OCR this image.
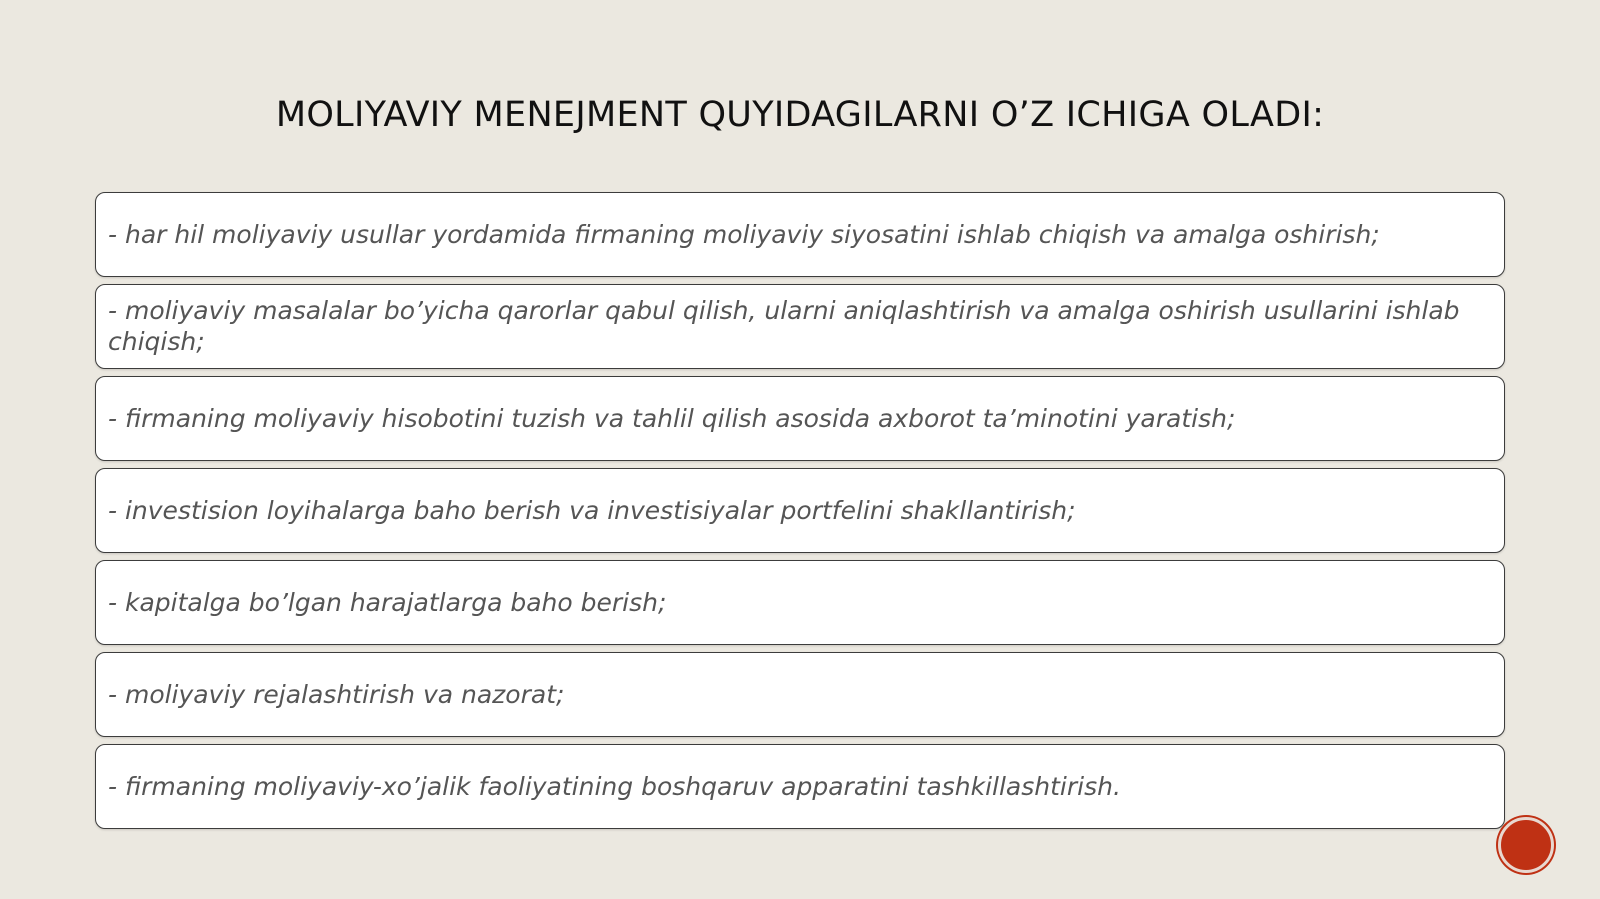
MOLIYAVIY MENEJMENT QUYIDAGILARNI O’Z ICHIGA OLADI:
- har hil moliyaviy usullar yordamida firmaning moliyaviy siyosatini ishlab chiqish va amalga oshirish;
- moliyaviy masalalar bo’yicha qarorlar qabul qilish, ularni aniqlashtirish va amalga oshirish usullarini ishlab chiqish;
- firmaning moliyaviy hisobotini tuzish va tahlil qilish asosida axborot ta’minotini yaratish;
- investision loyihalarga baho berish va investisiyalar portfelini shakllantirish;
- kapitalga bo’lgan harajatlarga baho berish;
- moliyaviy rejalashtirish va nazorat;
- firmaning moliyaviy-xo’jalik faoliyatining boshqaruv apparatini tashkillashtirish.
